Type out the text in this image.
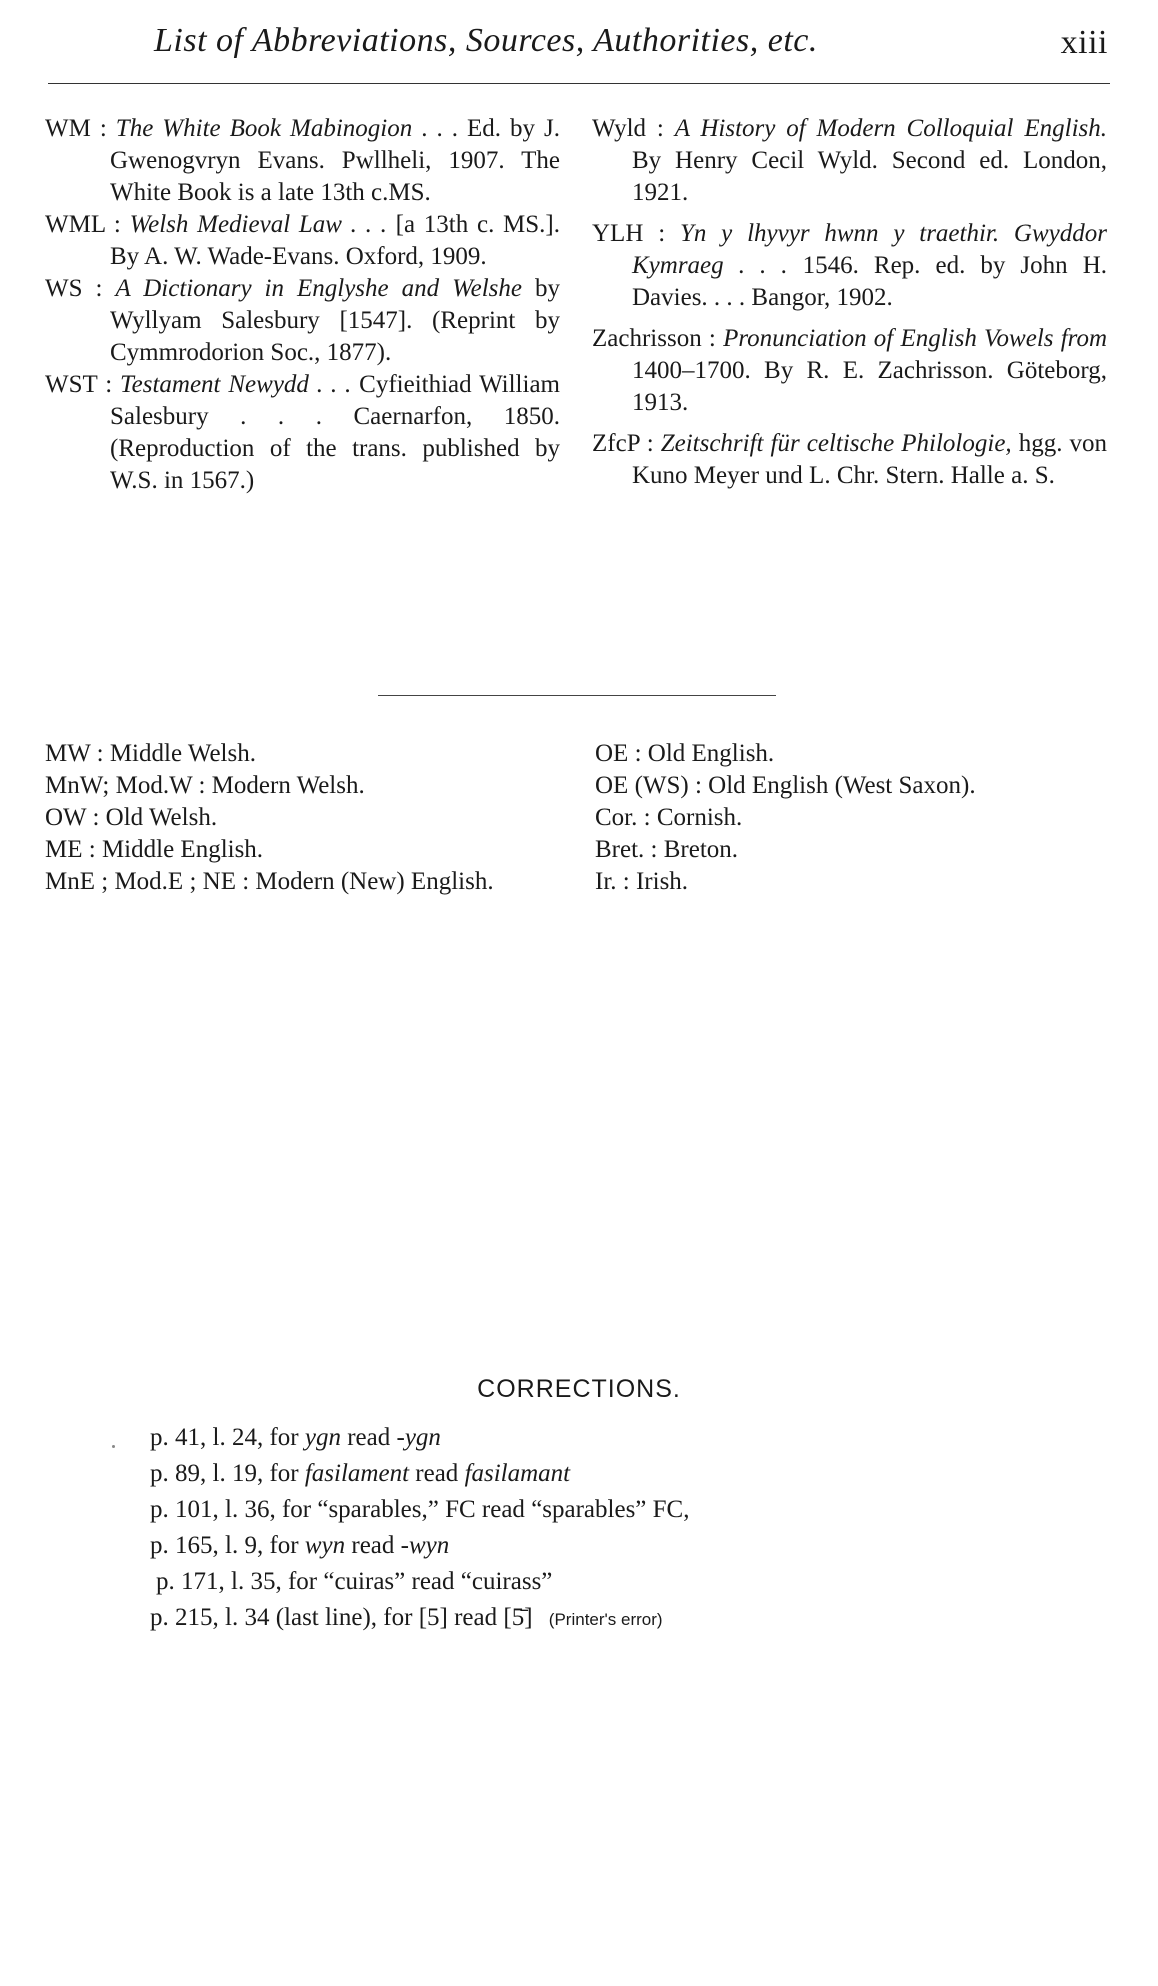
List of Abbreviations, Sources, Authorities, etc.	xiii
WM : The White Book Mabinogion . . . Ed. by J. Gwenogvryn Evans. Pwllheli, 1907. The White Book is a late 13th c.MS.
WML : Welsh Medieval Law . . . [a 13th c. MS.]. By A. W. Wade-Evans. Oxford, 1909.
WS : A Dictionary in Englyshe and Welshe by Wyllyam Salesbury [1547]. (Reprint by Cymmrodorion Soc., 1877).
WST : Testament Newydd . . . Cyfieithiad William Salesbury . . . Caernarfon, 1850. (Reproduction of the trans. published by W.S. in 1567.)
Wyld : A History of Modern Colloquial English. By Henry Cecil Wyld. Second ed. London, 1921.
YLH : Yn y lhyvyr hwnn y traethir. Gwyddor Kymraeg . . . 1546. Rep. ed. by John H. Davies. . . . Bangor, 1902.
Zachrisson : Pronunciation of English Vowels from 1400–1700. By R. E. Zachrisson. Göteborg, 1913.
ZfcP : Zeitschrift für celtische Philologie, hgg. von Kuno Meyer und L. Chr. Stern. Halle a. S.
MW : Middle Welsh.
MnW; Mod.W : Modern Welsh.
OW : Old Welsh.
ME : Middle English.
MnE ; Mod.E ; NE : Modern (New) English.
OE : Old English.
OE (WS) : Old English (West Saxon).
Cor. : Cornish.
Bret. : Breton.
Ir. : Irish.
CORRECTIONS.
p. 41, l. 24, for ygn read -ygn
p. 89, l. 19, for fasilament read fasilamant
p. 101, l. 36, for “sparables,” FC read “sparables” FC,
p. 165, l. 9, for wyn read -wyn
p. 171, l. 35, for “cuiras” read “cuirass”
p. 215, l. 34 (last line), for [5] read [5̄] (Printer's error)
